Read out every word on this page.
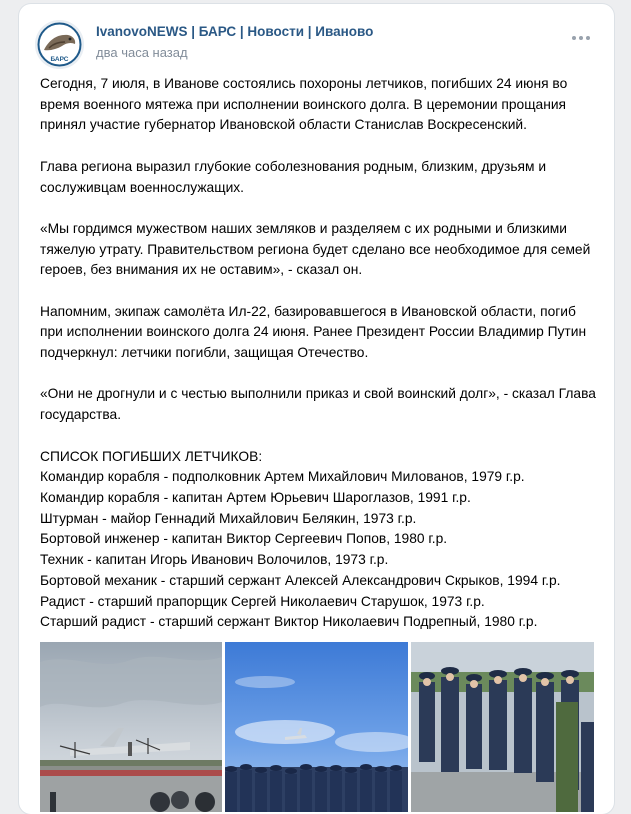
БАРС
IvanovoNEWS | БАРС | Новости | Иваново
два часа назад

Сегодня, 7 июля, в Иванове состоялись похороны летчиков, погибших 24 июня во время военного мятежа при исполнении воинского долга. В церемонии прощания принял участие губернатор Ивановской области Станислав Воскресенский.

Глава региона выразил глубокие соболезнования родным, близким, друзьям и сослуживцам военнослужащих.

«Мы гордимся мужеством наших земляков и разделяем с их родными и близкими тяжелую утрату. Правительством региона будет сделано все необходимое для семей героев, без внимания их не оставим», - сказал он.

Напомним, экипаж самолёта Ил-22, базировавшегося в Ивановской области, погиб при исполнении воинского долга 24 июня. Ранее Президент России Владимир Путин подчеркнул: летчики погибли, защищая Отечество.

«Они не дрогнули и с честью выполнили приказ и свой воинский долг», - сказал Глава государства.

СПИСОК ПОГИБШИХ ЛЕТЧИКОВ:

Командир корабля - подполковник Артем Михайлович Милованов, 1979 г.р.

Командир корабля - капитан Артем Юрьевич Шароглазов, 1991 г.р.

Штурман - майор Геннадий Михайлович Белякин, 1973 г.р.

Бортовой инженер - капитан Виктор Сергеевич Попов, 1980 г.р.

Техник - капитан Игорь Иванович Волочилов, 1973 г.р.

Бортовой механик - старший сержант Алексей Александрович Скрыков, 1994 г.р.

Радист - старший прапорщик Сергей Николаевич Старушок, 1973 г.р.

Старший радист - старший сержант Виктор Николаевич Подрепный, 1980 г.р.
